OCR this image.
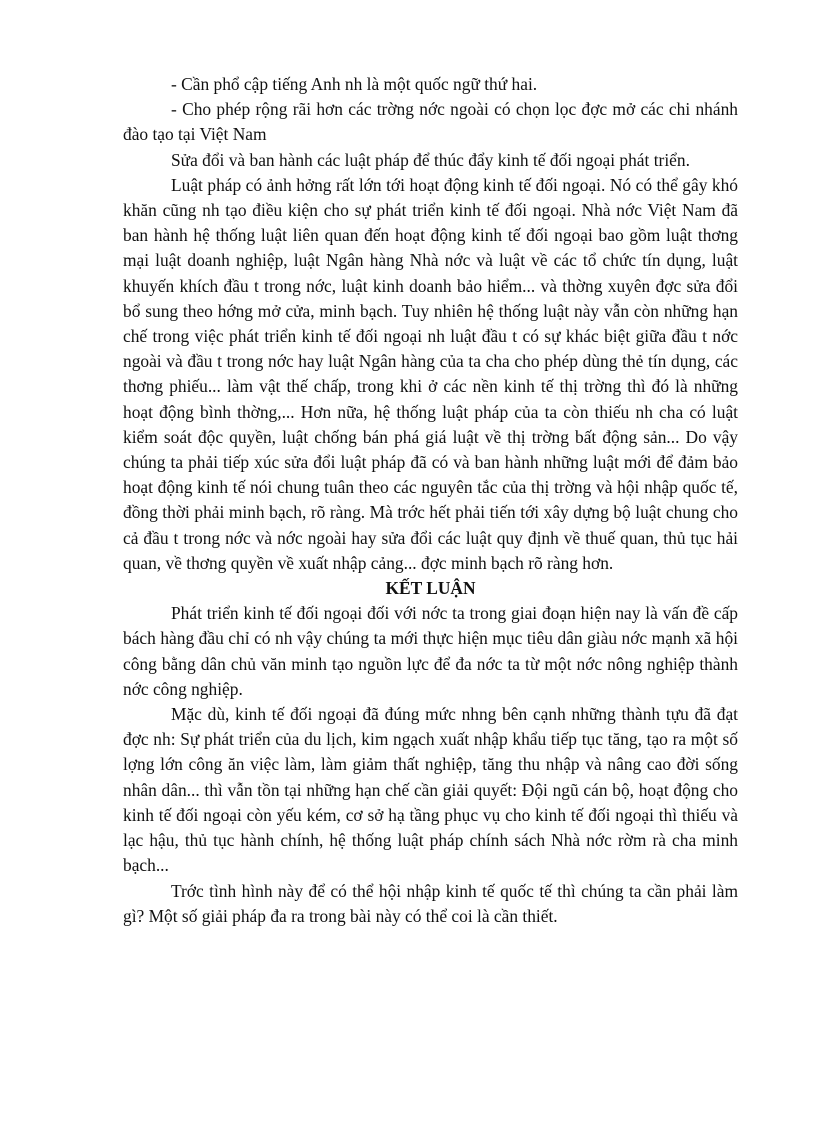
- Cần phổ cập tiếng Anh nh là một quốc ngữ thứ hai.

- Cho phép rộng rãi hơn các trờng nớc ngoài có chọn lọc đợc mở các chi nhánh đào tạo tại Việt Nam

Sửa đổi và ban hành các luật pháp để thúc đẩy kinh tế đối ngoại phát triển.

Luật pháp có ảnh hởng rất lớn tới hoạt động kinh tế đối ngoại. Nó có thể gây khó khăn cũng nh tạo điều kiện cho sự phát triển kinh tế đối ngoại. Nhà nớc Việt Nam đã ban hành hệ thống luật liên quan đến hoạt động kinh tế đối ngoại bao gồm luật thơng mại luật doanh nghiệp, luật Ngân hàng Nhà nớc và luật về các tổ chức tín dụng, luật khuyến khích đầu t trong nớc, luật kinh doanh bảo hiểm... và thờng xuyên đợc sửa đổi bổ sung theo hớng mở cửa, minh bạch. Tuy nhiên hệ thống luật này vẫn còn những hạn chế trong việc phát triển kinh tế đối ngoại nh luật đầu t có sự khác biệt giữa đầu t nớc ngoài và đầu t trong nớc hay luật Ngân hàng của ta cha cho phép dùng thẻ tín dụng, các thơng phiếu... làm vật thế chấp, trong khi ở các nền kinh tế thị trờng thì đó là những hoạt động bình thờng,... Hơn nữa, hệ thống luật pháp của ta còn thiếu nh cha có luật kiểm soát độc quyền, luật chống bán phá giá luật về thị trờng bất động sản... Do vậy chúng ta phải tiếp xúc sửa đổi luật pháp đã có và ban hành những luật mới để đảm bảo hoạt động kinh tế nói chung tuân theo các nguyên tắc của thị trờng và hội nhập quốc tế, đồng thời phải minh bạch, rõ ràng. Mà trớc hết phải tiến tới xây dựng bộ luật chung cho cả đầu t trong nớc và nớc ngoài hay sửa đổi các luật quy định về thuế quan, thủ tục hải quan, về thơng quyền về xuất nhập cảng... đợc minh bạch rõ ràng hơn.

KẾT LUẬN

Phát triển kinh tế đối ngoại đối với nớc ta trong giai đoạn hiện nay là vấn đề cấp bách hàng đầu chỉ có nh vậy chúng ta mới thực hiện mục tiêu dân giàu nớc mạnh xã hội công bằng dân chủ văn minh tạo nguồn lực để đa nớc ta từ một nớc nông nghiệp thành nớc công nghiệp.

Mặc dù, kinh tế đối ngoại đã đúng mức nhng bên cạnh những thành tựu đã đạt đợc nh: Sự phát triển của du lịch, kim ngạch xuất nhập khẩu tiếp tục tăng, tạo ra một số lợng lớn công ăn việc làm, làm giảm thất nghiệp, tăng thu nhập và nâng cao đời sống nhân dân... thì vẫn tồn tại những hạn chế cần giải quyết: Đội ngũ cán bộ, hoạt động cho kinh tế đối ngoại còn yếu kém, cơ sở hạ tầng phục vụ cho kinh tế đối ngoại thì thiếu và lạc hậu, thủ tục hành chính, hệ thống luật pháp chính sách Nhà nớc rờm rà cha minh bạch...

Trớc tình hình này để có thể hội nhập kinh tế quốc tế thì chúng ta cần phải làm gì? Một số giải pháp đa ra trong bài này có thể coi là cần thiết.
